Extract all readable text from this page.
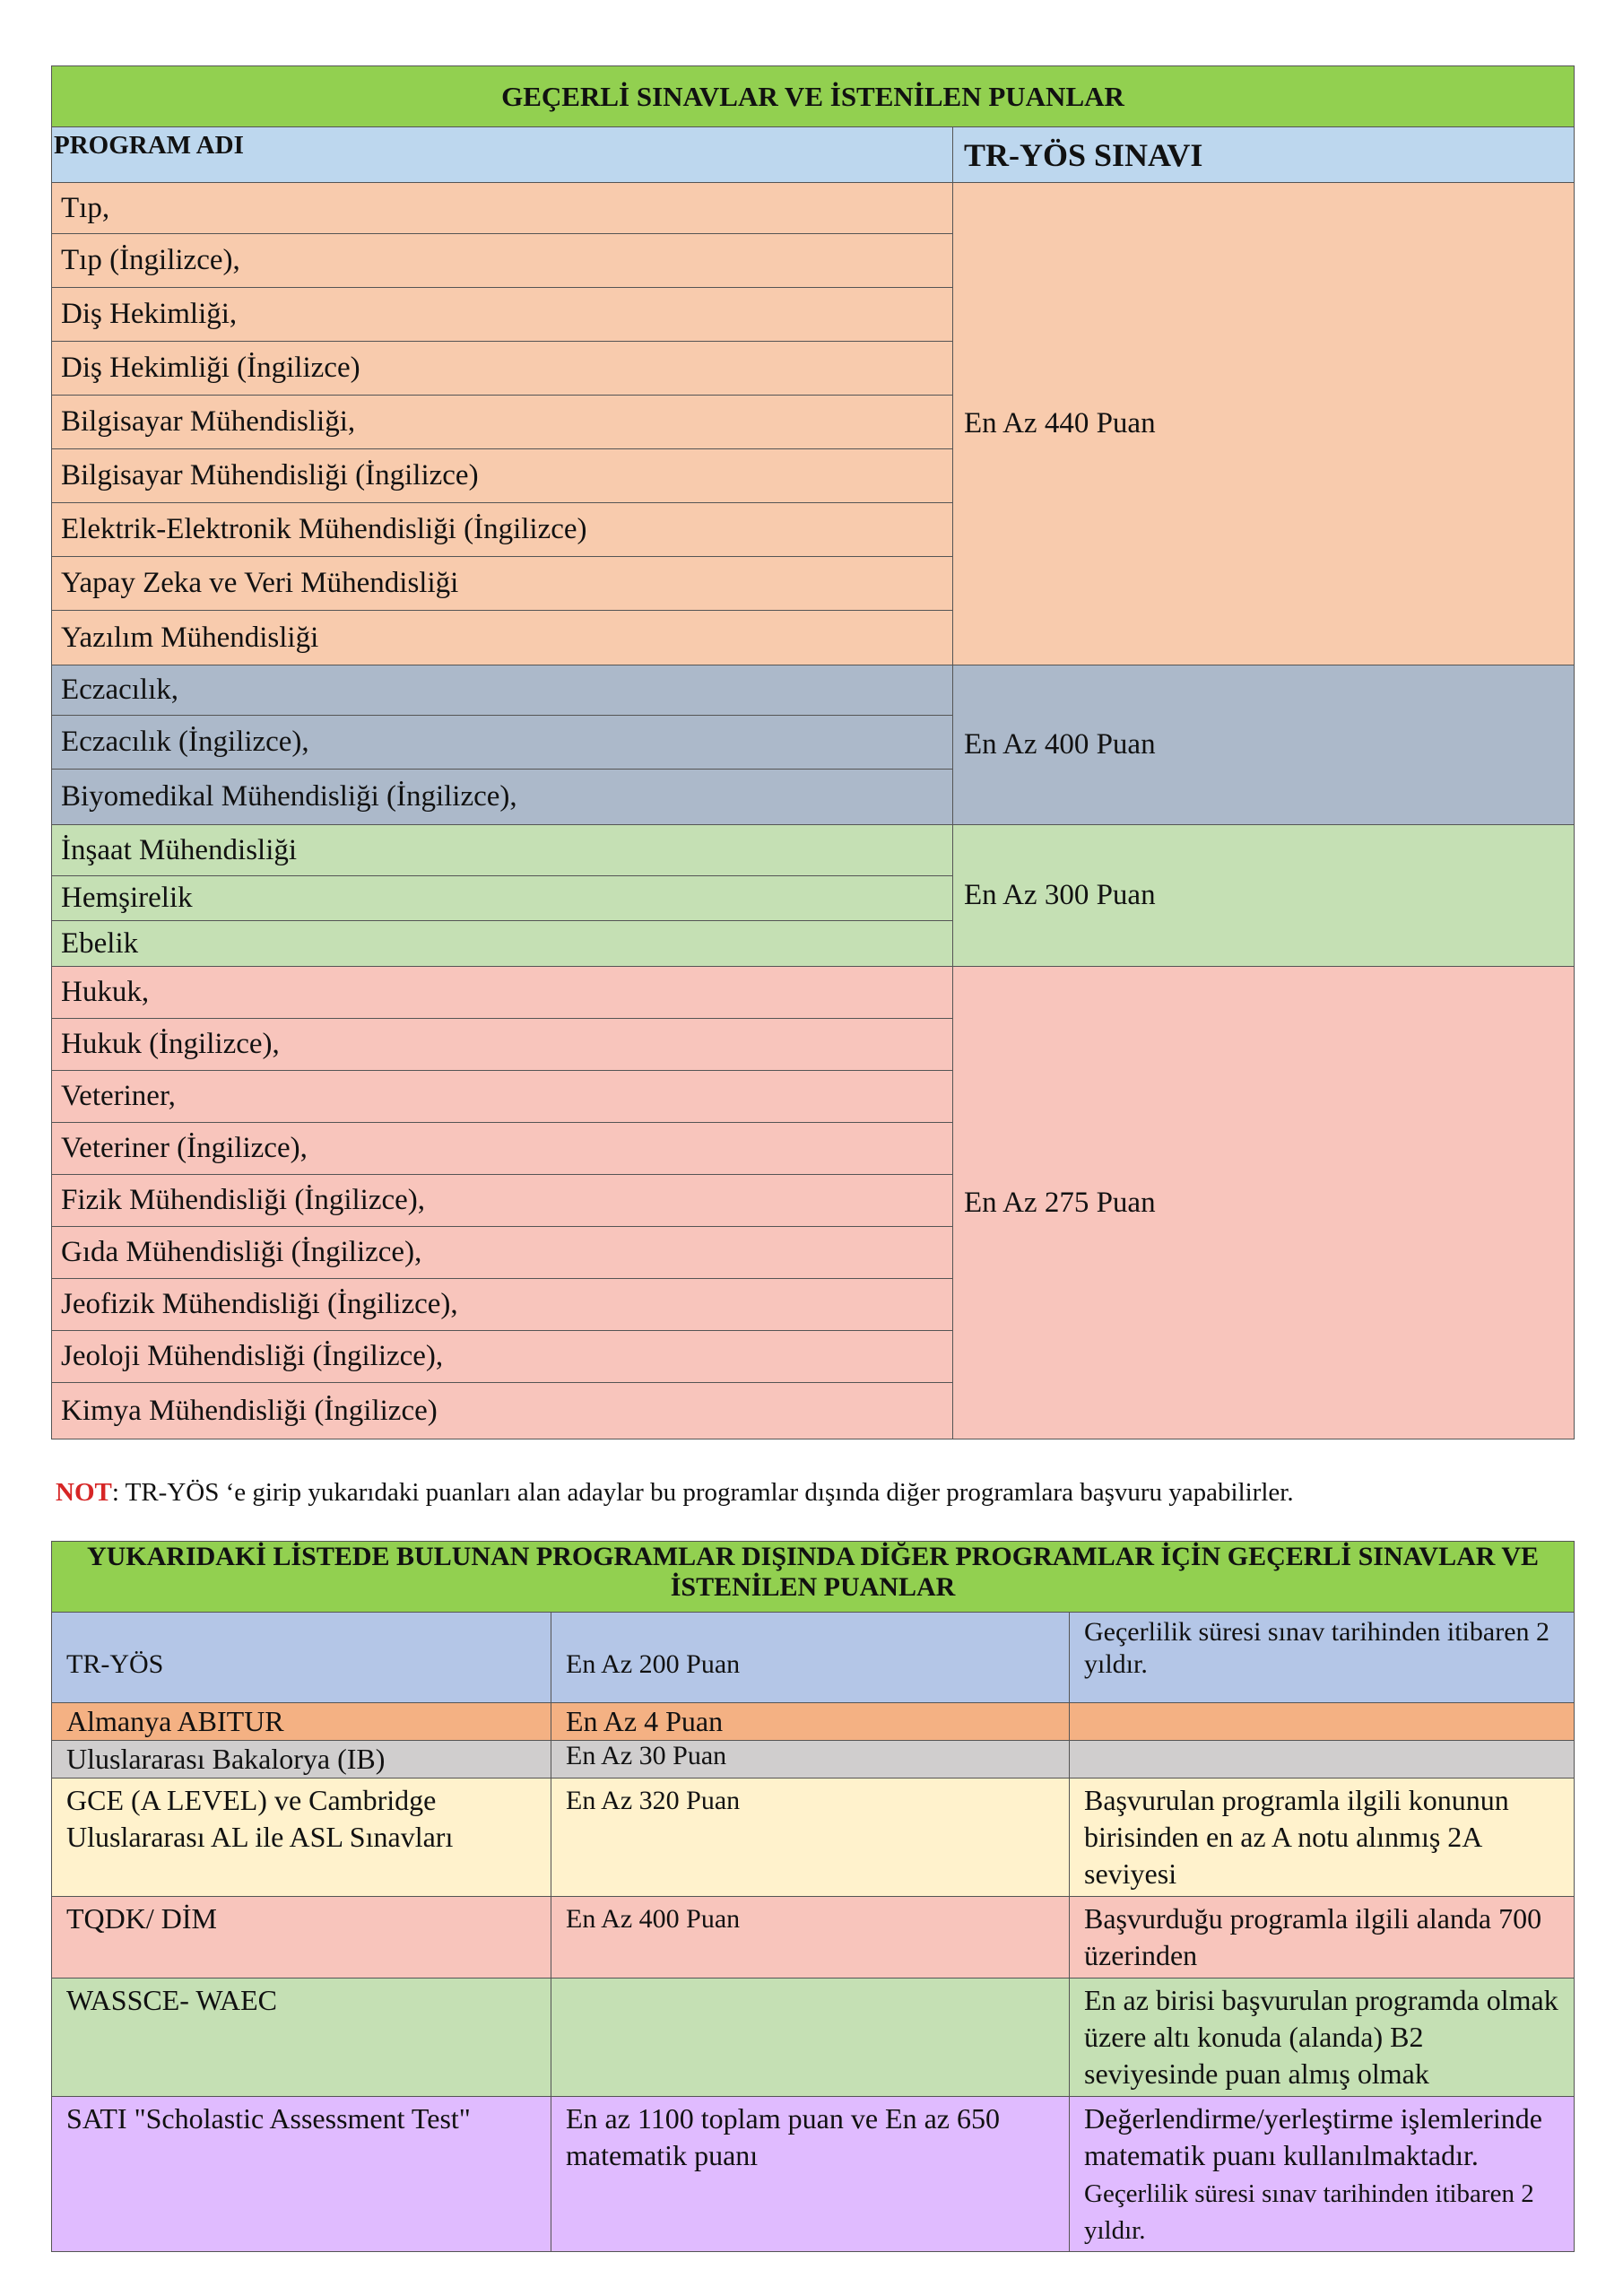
GEÇERLİ SINAVLAR VE İSTENİLEN PUANLAR	
PROGRAM ADI	TR-YÖS SINAVI
Tıp,	En Az 440 Puan
Tıp (İngilizce),	
Diş Hekimliği,	
Diş Hekimliği (İngilizce)	
Bilgisayar Mühendisliği,	
Bilgisayar Mühendisliği (İngilizce)	
Elektrik-Elektronik Mühendisliği (İngilizce)	
Yapay Zeka ve Veri Mühendisliği	
Yazılım Mühendisliği	
Eczacılık,	En Az 400 Puan
Eczacılık (İngilizce),	
Biyomedikal Mühendisliği (İngilizce),	
İnşaat Mühendisliği	En Az 300 Puan
Hemşirelik	
Ebelik	
Hukuk,	En Az 275 Puan
Hukuk (İngilizce),	
Veteriner,	
Veteriner (İngilizce),	
Fizik Mühendisliği (İngilizce),	
Gıda Mühendisliği (İngilizce),	
Jeofizik Mühendisliği (İngilizce),	
Jeoloji Mühendisliği (İngilizce),	
Kimya Mühendisliği (İngilizce)	
NOT: TR-YÖS ‘e girip yukarıdaki puanları alan adaylar bu programlar dışında diğer programlara başvuru yapabilirler.
YUKARIDAKİ LİSTEDE BULUNAN PROGRAMLAR DIŞINDA DİĞER PROGRAMLAR İÇİN GEÇERLİ SINAVLAR VE İSTENİLEN PUANLAR		
TR-YÖS	En Az 200 Puan	Geçerlilik süresi sınav tarihinden itibaren 2 yıldır.
Almanya ABITUR	En Az 4 Puan	
Uluslararası Bakalorya (IB)	En Az 30 Puan	
GCE (A LEVEL) ve Cambridge Uluslararası AL ile ASL Sınavları	En Az 320 Puan	Başvurulan programla ilgili konunun birisinden en az A notu alınmış 2A seviyesi
TQDK/ DİM	En Az 400 Puan	Başvurduğu programla ilgili alanda 700 üzerinden
WASSCE- WAEC		En az birisi başvurulan programda olmak üzere altı konuda (alanda) B2 seviyesinde puan almış olmak
SATI "Scholastic Assessment Test"	En az 1100 toplam puan ve En az 650 matematik puanı	Değerlendirme/yerleştirme işlemlerinde matematik puanı kullanılmaktadır. Geçerlilik süresi sınav tarihinden itibaren 2 yıldır.
